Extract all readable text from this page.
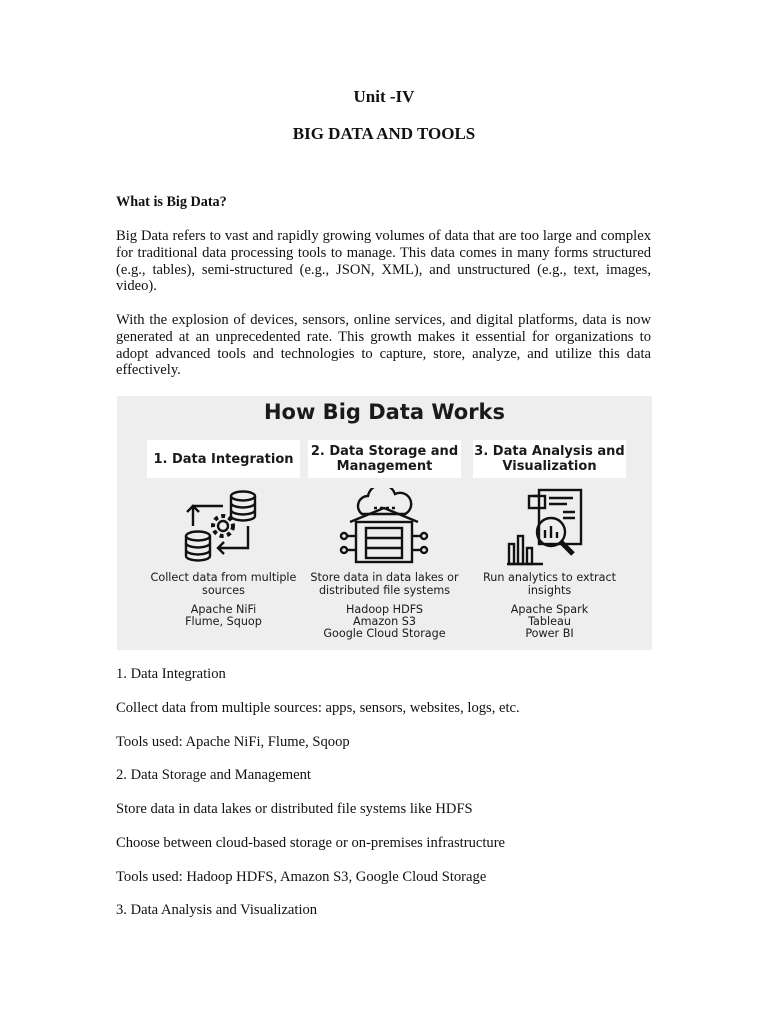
Unit -IV
BIG DATA AND TOOLS
What is Big Data?
Big Data refers to vast and rapidly growing volumes of data that are too large and complex for traditional data processing tools to manage. This data comes in many forms structured (e.g., tables), semi-structured (e.g., JSON, XML), and unstructured (e.g., text, images, video).
With the explosion of devices, sensors, online services, and digital platforms, data is now generated at an unprecedented rate. This growth makes it essential for organizations to adopt advanced tools and technologies to capture, store, analyze, and utilize this data effectively.
How Big Data Works
1. Data Integration
Collect data from multiple sources
Apache NiFi
Flume, Squop
2. Data Storage and Management
Store data in data lakes or distributed file systems
Hadoop HDFS
Amazon S3
Google Cloud Storage
3. Data Analysis and Visualization
Run analytics to extract insights
Apache Spark
Tableau
Power BI
1. Data Integration
Collect data from multiple sources: apps, sensors, websites, logs, etc.
Tools used: Apache NiFi, Flume, Sqoop
2. Data Storage and Management
Store data in data lakes or distributed file systems like HDFS
Choose between cloud-based storage or on-premises infrastructure
Tools used: Hadoop HDFS, Amazon S3, Google Cloud Storage
3. Data Analysis and Visualization
